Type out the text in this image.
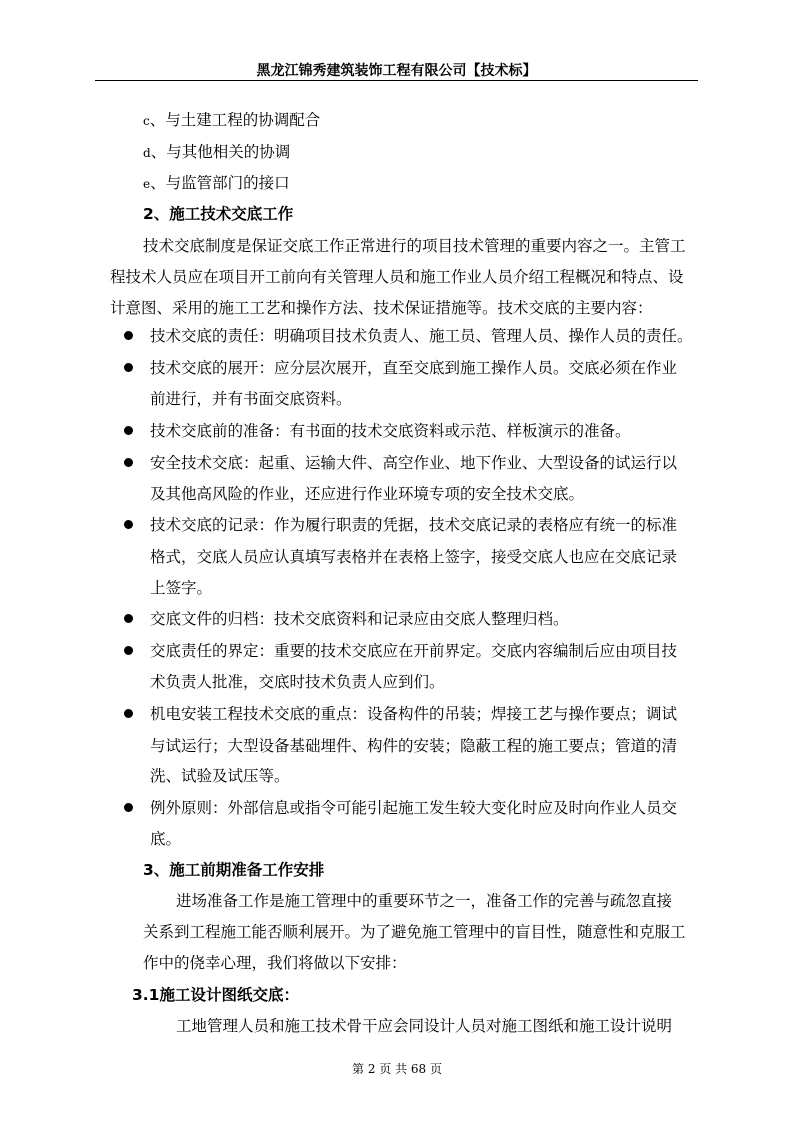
黑龙江锦秀建筑装饰工程有限公司【技术标】
c、与土建工程的协调配合
d、与其他相关的协调
e、与监管部门的接口
2、施工技术交底工作
技术交底制度是保证交底工作正常进行的项目技术管理的重要内容之一。主管工
程技术人员应在项目开工前向有关管理人员和施工作业人员介绍工程概况和特点、设
计意图、采用的施工工艺和操作方法、技术保证措施等。技术交底的主要内容：
技术交底的责任：明确项目技术负责人、施工员、管理人员、操作人员的责任。
技术交底的展开：应分层次展开，直至交底到施工操作人员。交底必须在作业
前进行，并有书面交底资料。
技术交底前的准备：有书面的技术交底资料或示范、样板演示的准备。
安全技术交底：起重、运输大件、高空作业、地下作业、大型设备的试运行以
及其他高风险的作业，还应进行作业环境专项的安全技术交底。
技术交底的记录：作为履行职责的凭据，技术交底记录的表格应有统一的标准
格式，交底人员应认真填写表格并在表格上签字，接受交底人也应在交底记录
上签字。
交底文件的归档：技术交底资料和记录应由交底人整理归档。
交底责任的界定：重要的技术交底应在开前界定。交底内容编制后应由项目技
术负责人批准，交底时技术负责人应到们。
机电安装工程技术交底的重点：设备构件的吊装；焊接工艺与操作要点；调试
与试运行；大型设备基础埋件、构件的安装；隐蔽工程的施工要点；管道的清
洗、试验及试压等。
例外原则：外部信息或指令可能引起施工发生较大变化时应及时向作业人员交
底。
3、施工前期准备工作安排
进场准备工作是施工管理中的重要环节之一，准备工作的完善与疏忽直接
关系到工程施工能否顺利展开。为了避免施工管理中的盲目性，随意性和克服工
作中的侥幸心理，我们将做以下安排：
3.1施工设计图纸交底：
工地管理人员和施工技术骨干应会同设计人员对施工图纸和施工设计说明
第 2 页 共 68 页
